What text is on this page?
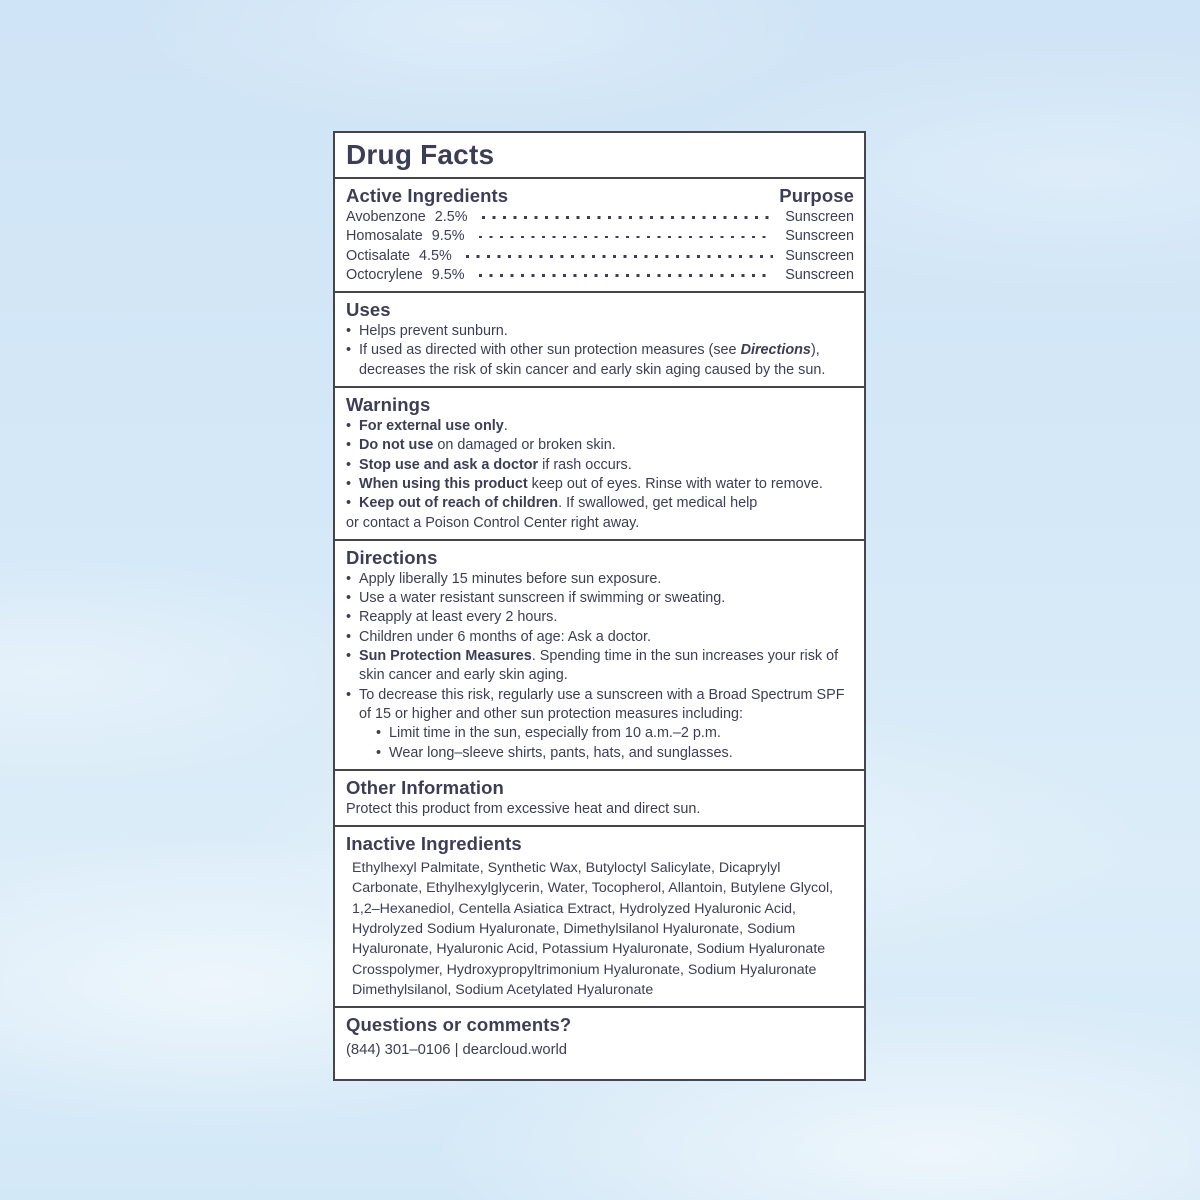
Drug Facts
Active Ingredients	Purpose
Avobenzone 2.5%	Sunscreen
Homosalate 9.5%	Sunscreen
Octisalate 4.5%	Sunscreen
Octocrylene 9.5%	Sunscreen
Uses
• Helps prevent sunburn.
• If used as directed with other sun protection measures (see Directions), decreases the risk of skin cancer and early skin aging caused by the sun.
Warnings
• For external use only.
• Do not use on damaged or broken skin.
• Stop use and ask a doctor if rash occurs.
• When using this product keep out of eyes. Rinse with water to remove.
• Keep out of reach of children. If swallowed, get medical help
or contact a Poison Control Center right away.
Directions
• Apply liberally 15 minutes before sun exposure.
• Use a water resistant sunscreen if swimming or sweating.
• Reapply at least every 2 hours.
• Children under 6 months of age: Ask a doctor.
• Sun Protection Measures. Spending time in the sun increases your risk of skin cancer and early skin aging.
• To decrease this risk, regularly use a sunscreen with a Broad Spectrum SPF of 15 or higher and other sun protection measures including:
• Limit time in the sun, especially from 10 a.m.–2 p.m.
• Wear long–sleeve shirts, pants, hats, and sunglasses.
Other Information
Protect this product from excessive heat and direct sun.
Inactive Ingredients
Ethylhexyl Palmitate, Synthetic Wax, Butyloctyl Salicylate, Dicaprylyl Carbonate, Ethylhexylglycerin, Water, Tocopherol, Allantoin, Butylene Glycol, 1,2–Hexanediol, Centella Asiatica Extract, Hydrolyzed Hyaluronic Acid, Hydrolyzed Sodium Hyaluronate, Dimethylsilanol Hyaluronate, Sodium Hyaluronate, Hyaluronic Acid, Potassium Hyaluronate, Sodium Hyaluronate Crosspolymer, Hydroxypropyltrimonium Hyaluronate, Sodium Hyaluronate Dimethylsilanol, Sodium Acetylated Hyaluronate
Questions or comments?
(844) 301–0106 | dearcloud.world
